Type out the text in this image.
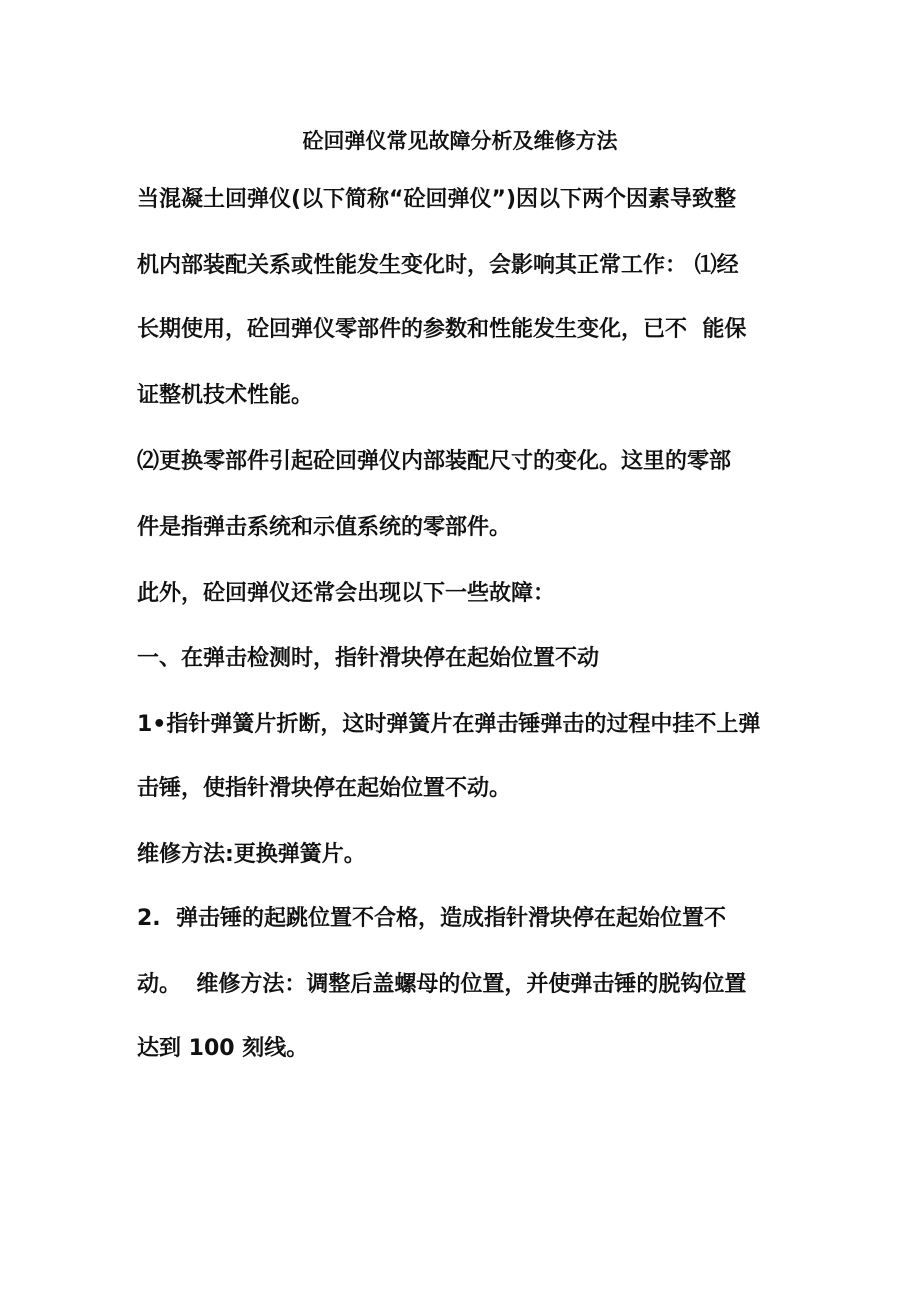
砼回弹仪常见故障分析及维修方法
当混凝土回弹仪(以下简称“砼回弹仪”)因以下两个因素导致整
机内部装配关系或性能发生变化时，会影响其正常工作： ⑴经
长期使用，砼回弹仪零部件的参数和性能发生变化，已不  能保
证整机技术性能。
⑵更换零部件引起砼回弹仪内部装配尺寸的变化。这里的零部
件是指弹击系统和示值系统的零部件。
此外，砼回弹仪还常会出现以下一些故障：
一、在弹击检测时，指针滑块停在起始位置不动
1•指针弹簧片折断，这时弹簧片在弹击锤弹击的过程中挂不上弹
击锤，使指针滑块停在起始位置不动。
维修方法:更换弹簧片。
2.  弹击锤的起跳位置不合格，造成指针滑块停在起始位置不
动。  维修方法：调整后盖螺母的位置，并使弹击锤的脱钩位置
达到 100 刻线。
